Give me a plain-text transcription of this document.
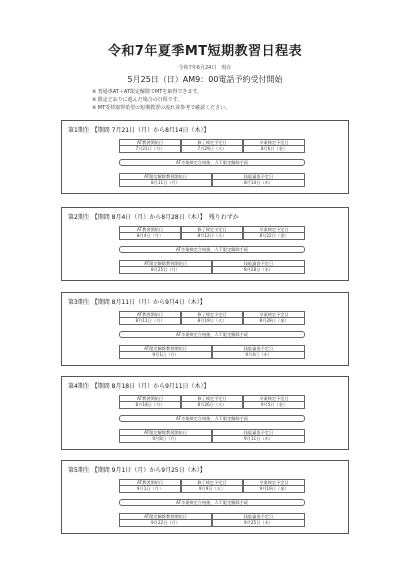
令和7年夏季MT短期教習日程表
令和7年6月24日　現在
5月25日（日）AM9：00電話予約受付開始
※ 普通車AT＋AT限定解除でMTを取得できます。
※ 限定どおりに進んだ場合の日程です。
※ MT受持取得希望の短期教習の流れ並参考で確認ください。
第1期生 【期間 7月21日（月）から8月14日（木）】
AT教習開始日
7月21日（月）
修了検定予定日
7月29日（火）
卒業検定予定日
8月6日（金）
AT卒業検定合格後、ＡＴ限定解除手続
AT限定解除教習開始日
8月11日（月）
技能審査予定日
8月14日（木）
第2期生 【期間 8月4日（月）から8月28日（木）】　残りわずか
AT教習開始日
8月4日（月）
修了検定予定日
8月12日（火）
卒業検定予定日
8月22日（金）
AT卒業検定合格後、ＡＴ限定解除手続
AT限定解除教習開始日
8月25日（月）
技能審査予定日
8月28日（木）
第3期生 【期間 8月11日（月）から9月4日（木）】
AT教習開始日
8月11日（月）
修了検定予定日
8月19日（火）
卒業検定予定日
8月29日（金）
AT卒業検定合格後、ＡＴ限定解除手続
AT限定解除教習開始日
9月1日（月）
技能審査予定日
9月4日（木）
第4期生 【期間 8月18日（月）から9月11日（木）】
AT教習開始日
8月18日（月）
修了検定予定日
8月26日（火）
卒業検定予定日
9月5日（金）
AT卒業検定合格後、ＡＴ限定解除手続
AT限定解除教習開始日
9月8日（月）
技能審査予定日
9月11日（木）
第5期生 【期間 9月1日（月）から9月25日（木）】
AT教習開始日
9月1日（月）
修了検定予定日
9月9日（火）
卒業検定予定日
9月19日（金）
AT卒業検定合格後、ＡＴ限定解除手続
AT限定解除教習開始日
9月22日（月）
技能審査予定日
9月25日（木）
